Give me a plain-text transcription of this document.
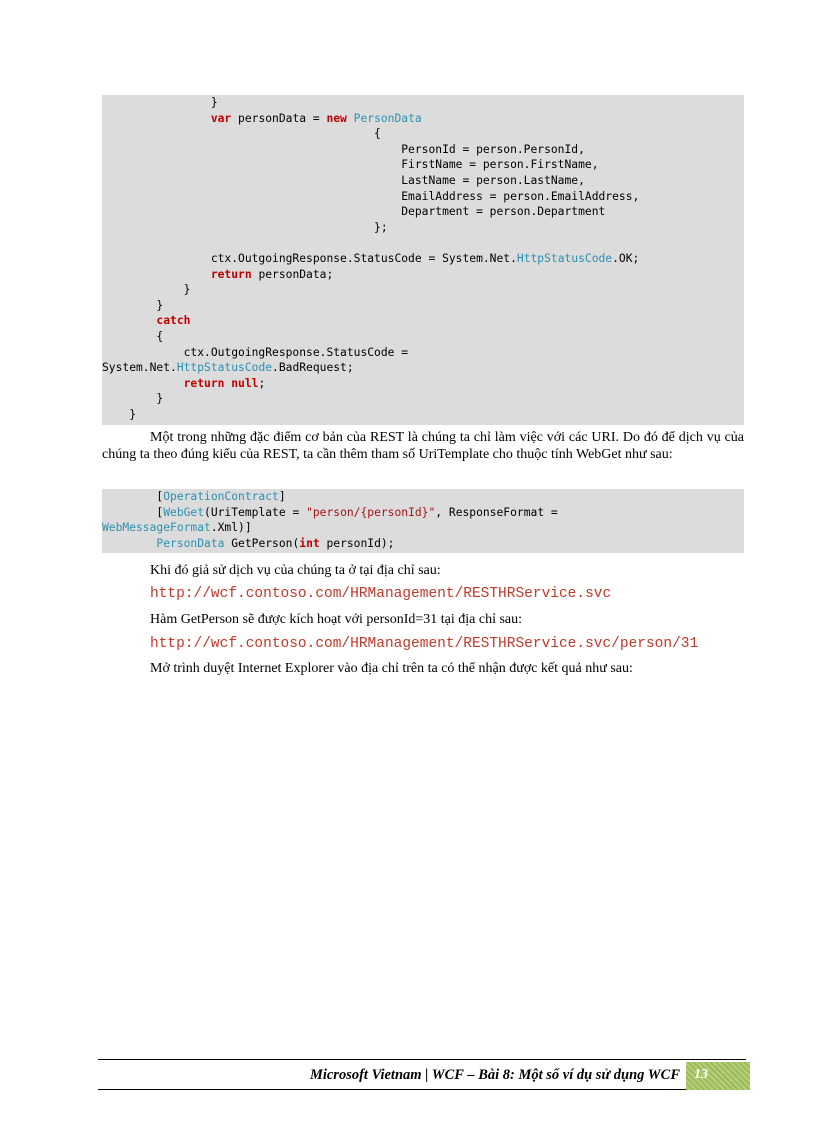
}
var personData = new PersonData
{
PersonId = person.PersonId,
FirstName = person.FirstName,
LastName = person.LastName,
EmailAddress = person.EmailAddress,
Department = person.Department
};

ctx.OutgoingResponse.StatusCode = System.Net.HttpStatusCode.OK;
return personData;
}
}
catch
{
ctx.OutgoingResponse.StatusCode =
System.Net.HttpStatusCode.BadRequest;
return null;
}
}

Một trong những đặc điểm cơ bản của REST là chúng ta chỉ làm việc với các URI. Do đó để dịch vụ của chúng ta theo đúng kiểu của REST, ta cần thêm tham số UriTemplate cho thuộc tính WebGet như sau:

[OperationContract]
[WebGet(UriTemplate = "person/{personId}", ResponseFormat =
WebMessageFormat.Xml)]
PersonData GetPerson(int personId);

Khi đó giả sử dịch vụ của chúng ta ở tại địa chỉ sau:

http://wcf.contoso.com/HRManagement/RESTHRService.svc

Hàm GetPerson sẽ được kích hoạt với personId=31 tại địa chỉ sau:

http://wcf.contoso.com/HRManagement/RESTHRService.svc/person/31

Mở trình duyệt Internet Explorer vào địa chỉ trên ta có thể nhận được kết quả như sau:

Microsoft Vietnam | WCF – Bài 8: Một số ví dụ sử dụng WCF	13
